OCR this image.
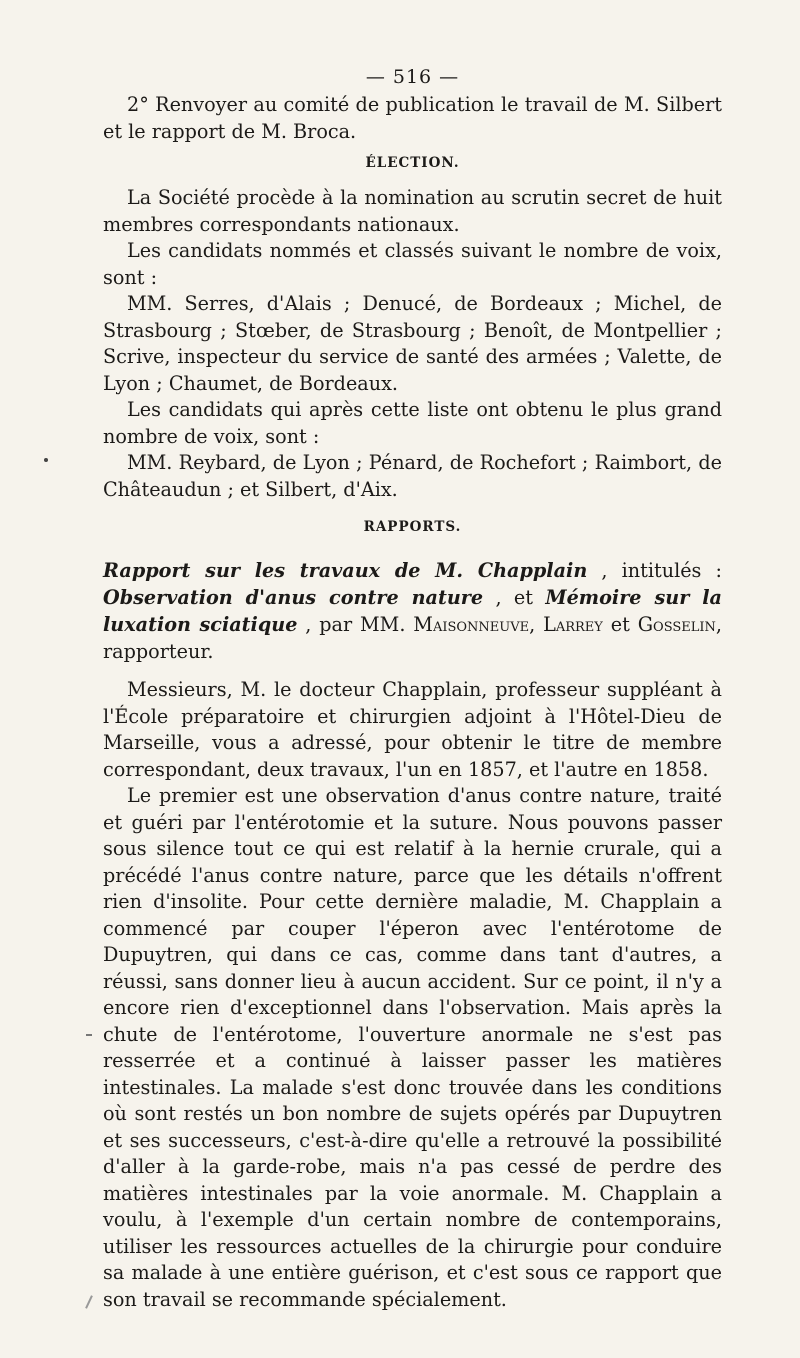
— 516 —

2° Renvoyer au comité de publication le travail de M. Silbert et le rapport de M. Broca.

ÉLECTION.

La Société procède à la nomination au scrutin secret de huit membres correspondants nationaux.

Les candidats nommés et classés suivant le nombre de voix, sont :

MM. Serres, d'Alais ; Denucé, de Bordeaux ; Michel, de Strasbourg ; Stœber, de Strasbourg ; Benoît, de Montpellier ; Scrive, inspecteur du service de santé des armées ; Valette, de Lyon ; Chaumet, de Bordeaux.

Les candidats qui après cette liste ont obtenu le plus grand nombre de voix, sont :

MM. Reybard, de Lyon ; Pénard, de Rochefort ; Raimbort, de Châteaudun ; et Silbert, d'Aix.

RAPPORTS.

Rapport sur les travaux de M. Chapplain , intitulés : Observation d'anus contre nature , et Mémoire sur la luxation sciatique , par MM. Maisonneuve, Larrey et Gosselin, rapporteur.

Messieurs, M. le docteur Chapplain, professeur suppléant à l'École préparatoire et chirurgien adjoint à l'Hôtel-Dieu de Marseille, vous a adressé, pour obtenir le titre de membre correspondant, deux travaux, l'un en 1857, et l'autre en 1858.

Le premier est une observation d'anus contre nature, traité et guéri par l'entérotomie et la suture. Nous pouvons passer sous silence tout ce qui est relatif à la hernie crurale, qui a précédé l'anus contre nature, parce que les détails n'offrent rien d'insolite. Pour cette dernière maladie, M. Chapplain a commencé par couper l'éperon avec l'entérotome de Dupuytren, qui dans ce cas, comme dans tant d'autres, a réussi, sans donner lieu à aucun accident. Sur ce point, il n'y a encore rien d'exceptionnel dans l'observation. Mais après la chute de l'entérotome, l'ouverture anormale ne s'est pas resserrée et a continué à laisser passer les matières intestinales. La malade s'est donc trouvée dans les conditions où sont restés un bon nombre de sujets opérés par Dupuytren et ses successeurs, c'est-à-dire qu'elle a retrouvé la possibilité d'aller à la garde-robe, mais n'a pas cessé de perdre des matières intestinales par la voie anormale. M. Chapplain a voulu, à l'exemple d'un certain nombre de contemporains, utiliser les ressources actuelles de la chirurgie pour conduire sa malade à une entière guérison, et c'est sous ce rapport que son travail se recommande spécialement.
